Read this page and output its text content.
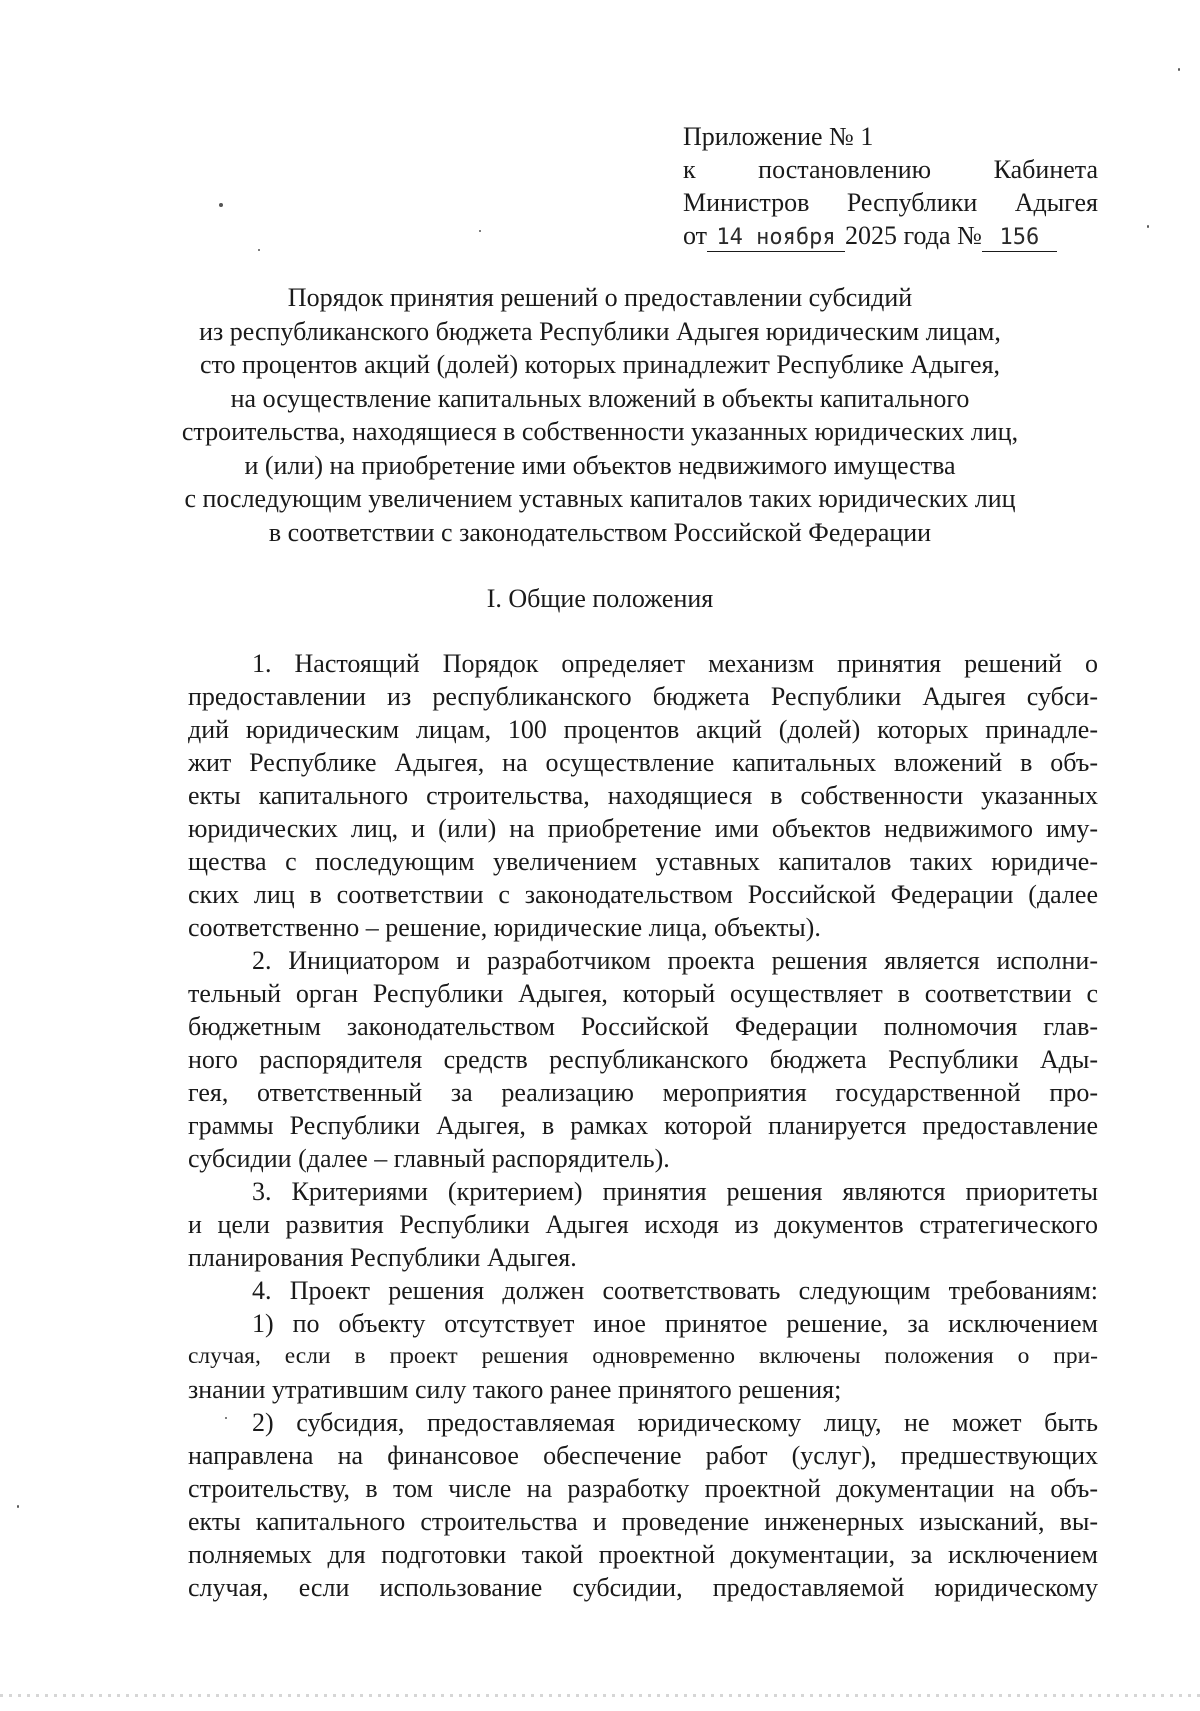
Приложение № 1
к постановлению Кабинета
Министров Республики Адыгея
от 14 ноября 2025 года № 156
Порядок принятия решений о предоставлении субсидий
из республиканского бюджета Республики Адыгея юридическим лицам,
сто процентов акций (долей) которых принадлежит Республике Адыгея,
на осуществление капитальных вложений в объекты капитального
строительства, находящиеся в собственности указанных юридических лиц,
и (или) на приобретение ими объектов недвижимого имущества
с последующим увеличением уставных капиталов таких юридических лиц
в соответствии с законодательством Российской Федерации
I. Общие положения
1. Настоящий Порядок определяет механизм принятия решений о
предоставлении из республиканского бюджета Республики Адыгея субси-
дий юридическим лицам, 100 процентов акций (долей) которых принадле-
жит Республике Адыгея, на осуществление капитальных вложений в объ-
екты капитального строительства, находящиеся в собственности указанных
юридических лиц, и (или) на приобретение ими объектов недвижимого иму-
щества с последующим увеличением уставных капиталов таких юридиче-
ских лиц в соответствии с законодательством Российской Федерации (далее
соответственно – решение, юридические лица, объекты).
2. Инициатором и разработчиком проекта решения является исполни-
тельный орган Республики Адыгея, который осуществляет в соответствии с
бюджетным законодательством Российской Федерации полномочия глав-
ного распорядителя средств республиканского бюджета Республики Ады-
гея, ответственный за реализацию мероприятия государственной про-
граммы Республики Адыгея, в рамках которой планируется предоставление
субсидии (далее – главный распорядитель).
3. Критериями (критерием) принятия решения являются приоритеты
и цели развития Республики Адыгея исходя из документов стратегического
планирования Республики Адыгея.
4. Проект решения должен соответствовать следующим требованиям:
1) по объекту отсутствует иное принятое решение, за исключением
случая, если в проект решения одновременно включены положения о при-
знании утратившим силу такого ранее принятого решения;
2) субсидия, предоставляемая юридическому лицу, не может быть
направлена на финансовое обеспечение работ (услуг), предшествующих
строительству, в том числе на разработку проектной документации на объ-
екты капитального строительства и проведение инженерных изысканий, вы-
полняемых для подготовки такой проектной документации, за исключением
случая, если использование субсидии, предоставляемой юридическому
